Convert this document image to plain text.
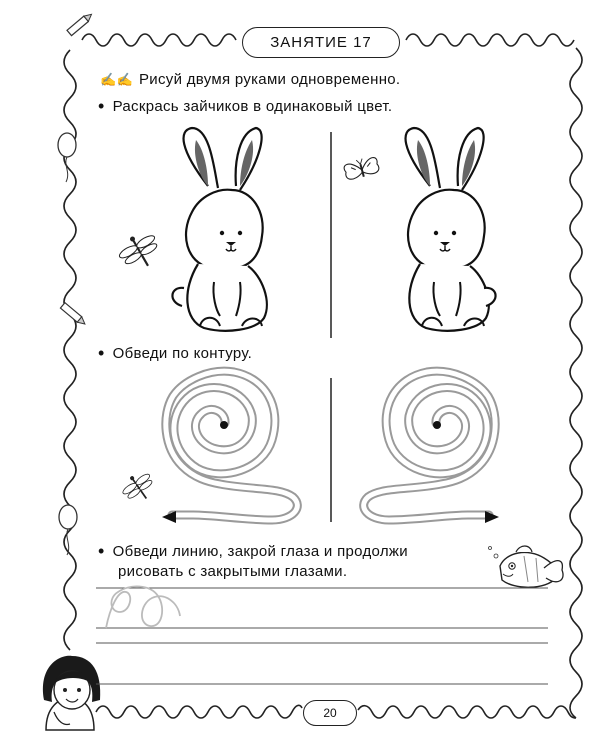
ЗАНЯТИЕ 17
✍✍ Рисуй двумя руками одновременно.
• Раскрась зайчиков в одинаковый цвет.
• Обведи по контуру.
• Обведи линию, закрой глаза и продолжи
рисовать с закрытыми глазами.
20
